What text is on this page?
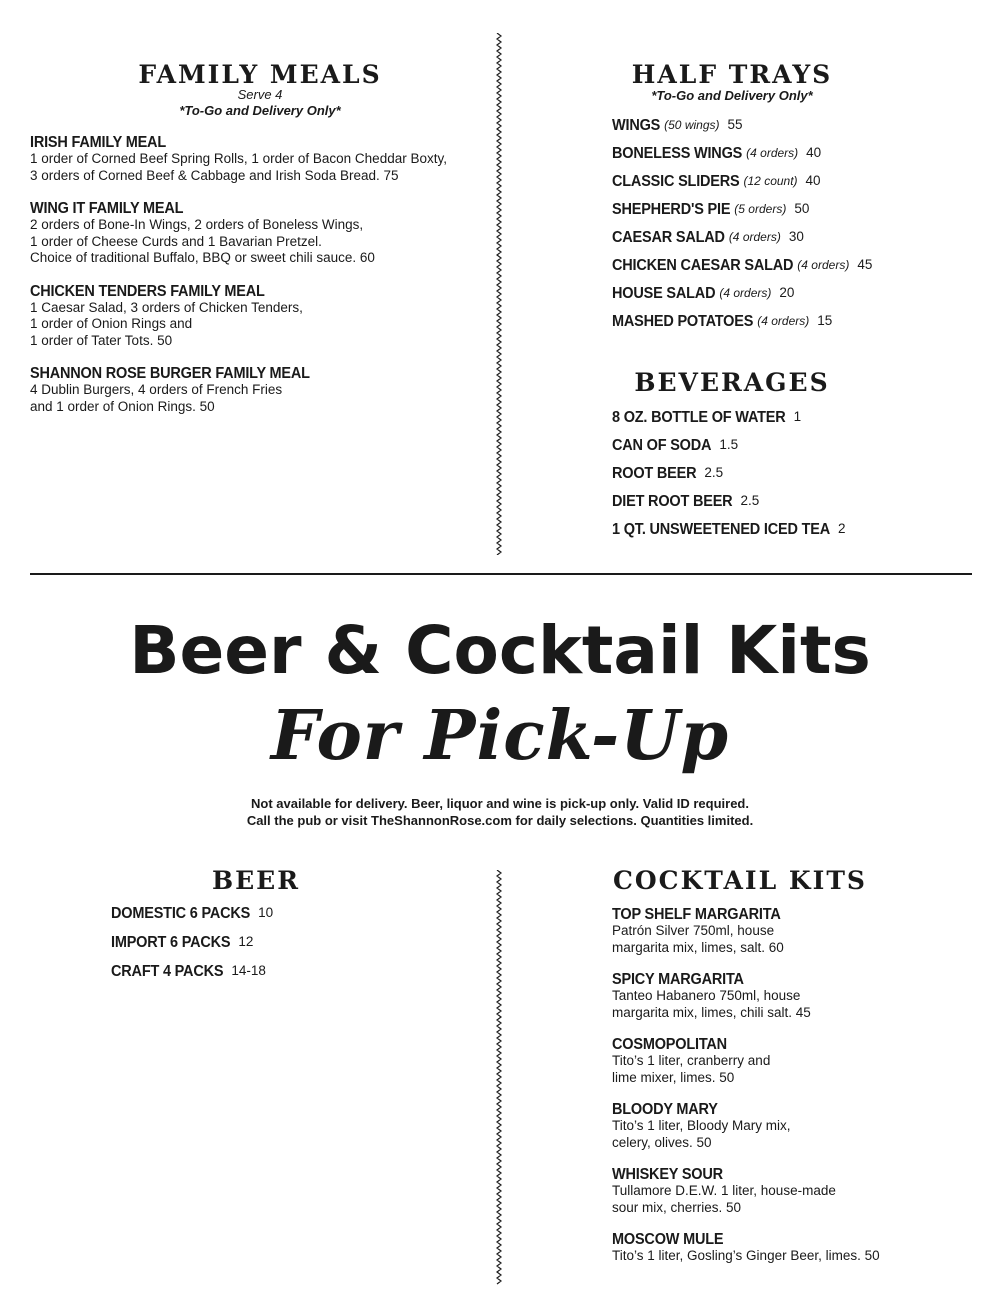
FAMILY MEALS
Serve 4
*To-Go and Delivery Only*
IRISH FAMILY MEAL
1 order of Corned Beef Spring Rolls, 1 order of Bacon Cheddar Boxty,
3 orders of Corned Beef & Cabbage and Irish Soda Bread. 75
WING IT FAMILY MEAL
2 orders of Bone-In Wings, 2 orders of Boneless Wings,
1 order of Cheese Curds and 1 Bavarian Pretzel.
Choice of traditional Buffalo, BBQ or sweet chili sauce. 60
CHICKEN TENDERS FAMILY MEAL
1 Caesar Salad, 3 orders of Chicken Tenders,
1 order of Onion Rings and
1 order of Tater Tots. 50
SHANNON ROSE BURGER FAMILY MEAL
4 Dublin Burgers, 4 orders of French Fries
and 1 order of Onion Rings. 50
HALF TRAYS
*To-Go and Delivery Only*
WINGS (50 wings) 55
BONELESS WINGS (4 orders) 40
CLASSIC SLIDERS (12 count) 40
SHEPHERD'S PIE (5 orders) 50
CAESAR SALAD (4 orders) 30
CHICKEN CAESAR SALAD (4 orders) 45
HOUSE SALAD (4 orders) 20
MASHED POTATOES (4 orders) 15
BEVERAGES
8 OZ. BOTTLE OF WATER 1
CAN OF SODA 1.5
ROOT BEER 2.5
DIET ROOT BEER 2.5
1 QT. UNSWEETENED ICED TEA 2
Beer & Cocktail Kits
For Pick-Up
Not available for delivery. Beer, liquor and wine is pick-up only. Valid ID required.
Call the pub or visit TheShannonRose.com for daily selections. Quantities limited.
BEER
DOMESTIC 6 PACKS 10
IMPORT 6 PACKS 12
CRAFT 4 PACKS 14-18
COCKTAIL KITS
TOP SHELF MARGARITA
Patrón Silver 750ml, house
margarita mix, limes, salt. 60
SPICY MARGARITA
Tanteo Habanero 750ml, house
margarita mix, limes, chili salt. 45
COSMOPOLITAN
Tito’s 1 liter, cranberry and
lime mixer, limes. 50
BLOODY MARY
Tito’s 1 liter, Bloody Mary mix,
celery, olives. 50
WHISKEY SOUR
Tullamore D.E.W. 1 liter, house-made
sour mix, cherries. 50
MOSCOW MULE
Tito’s 1 liter, Gosling’s Ginger Beer, limes. 50
